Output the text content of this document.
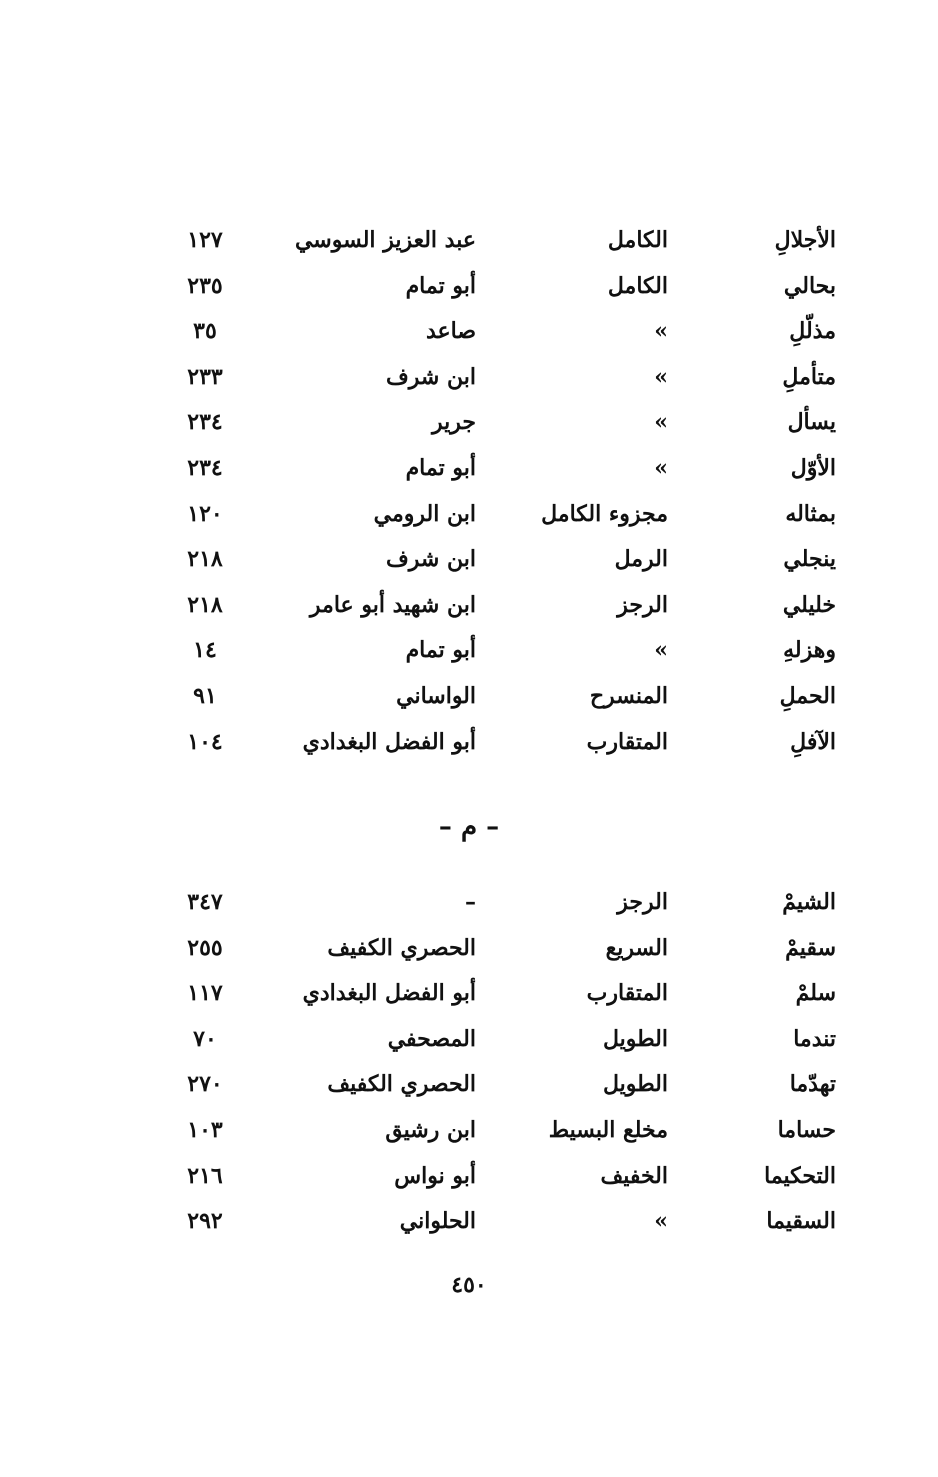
الأجلالِ
الكامل
عبد العزيز السوسي
١٢٧
بحالي
الكامل
أبو تمام
٢٣٥
مذلّلِ
»
صاعد
٣٥
متأملِ
»
ابن شرف
٢٣٣
يسأل
»
جرير
٢٣٤
الأوّل
»
أبو تمام
٢٣٤
بمثاله
مجزوء الكامل
ابن الرومي
١٢٠
ينجلي
الرمل
ابن شرف
٢١٨
خليلي
الرجز
ابن شهيد أبو عامر
٢١٨
وهزلهِ
»
أبو تمام
١٤
الحملِ
المنسرح
الواساني
٩١
الآفلِ
المتقارب
أبو الفضل البغدادي
١٠٤
– م –
الشيمْ
الرجز
–
٣٤٧
سقيمْ
السريع
الحصري الكفيف
٢٥٥
سلمْ
المتقارب
أبو الفضل البغدادي
١١٧
تندما
الطويل
المصحفي
٧٠
تهدّما
الطويل
الحصري الكفيف
٢٧٠
حساما
مخلع البسيط
ابن رشيق
١٠٣
التحكيما
الخفيف
أبو نواس
٢١٦
السقيما
»
الحلواني
٢٩٢
٤٥٠
